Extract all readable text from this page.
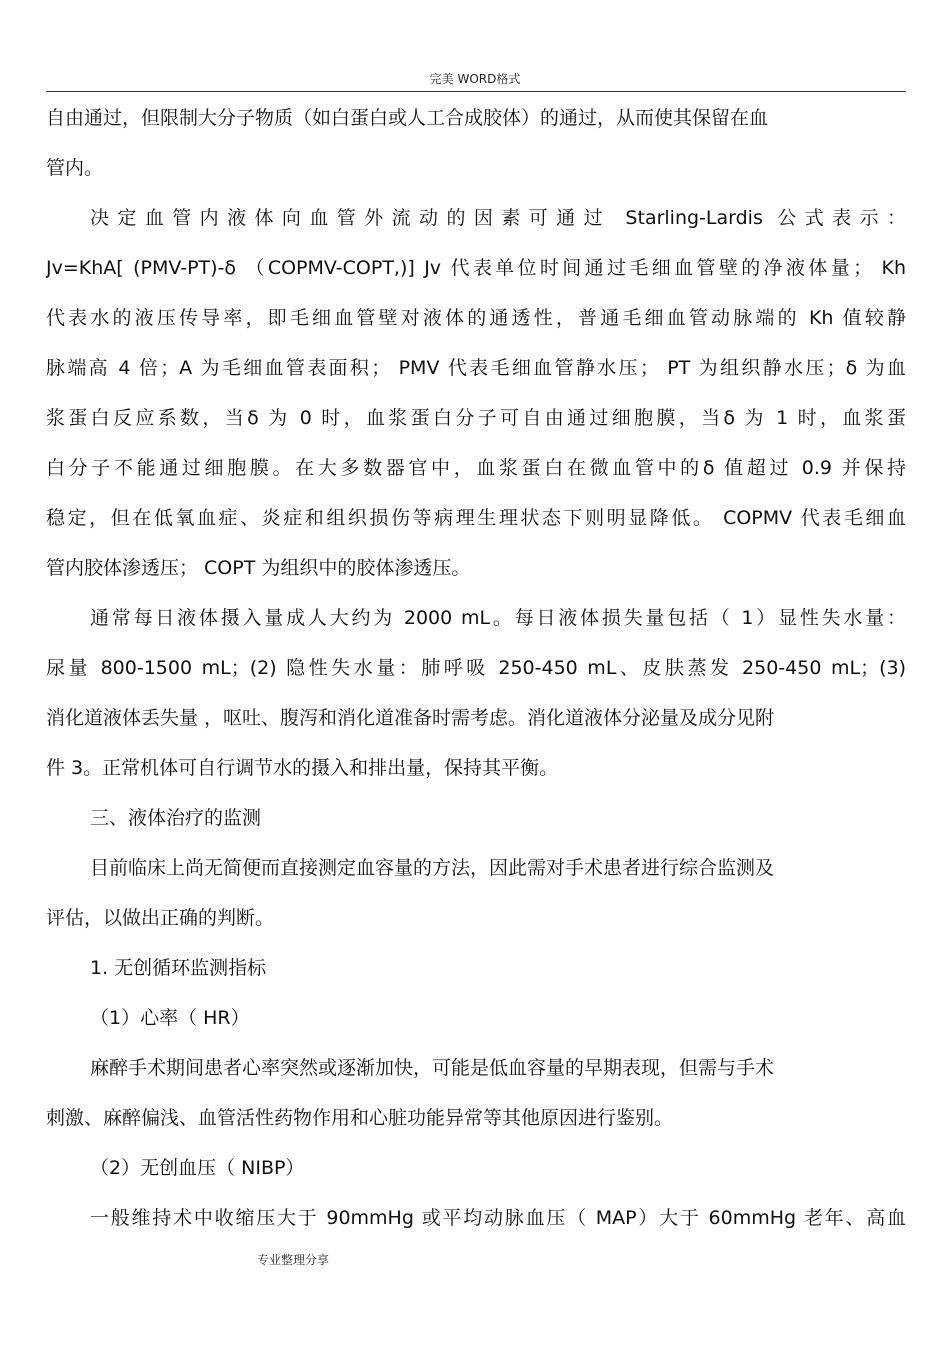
完美 WORD格式
自由通过，但限制大分子物质（如白蛋白或人工合成胶体）的通过，从而使其保留在血
管内。
决定血管内液体向血管外流动的因素可通过 Starling-Lardis 公式表示：
Jv=KhA[ (PMV-PT)-δ （COPMV-COPT,)] Jv 代表单位时间通过毛细血管壁的净液体量； Kh
代表水的液压传导率，即毛细血管壁对液体的通透性，普通毛细血管动脉端的 Kh 值较静
脉端高 4 倍；A 为毛细血管表面积； PMV 代表毛细血管静水压； PT 为组织静水压；δ 为血
浆蛋白反应系数，当δ 为 0 时，血浆蛋白分子可自由通过细胞膜，当δ 为 1 时，血浆蛋
白分子不能通过细胞膜。在大多数器官中，血浆蛋白在微血管中的δ 值超过 0.9 并保持
稳定，但在低氧血症、炎症和组织损伤等病理生理状态下则明显降低。 COPMV 代表毛细血
管内胶体渗透压； COPT 为组织中的胶体渗透压。
通常每日液体摄入量成人大约为 2000 mL。每日液体损失量包括（ 1）显性失水量：
尿量 800-1500 mL；(2) 隐性失水量：肺呼吸 250-450 mL、皮肤蒸发 250-450 mL；(3)
消化道液体丢失量 ，呕吐、腹泻和消化道准备时需考虑。消化道液体分泌量及成分见附
件 3。正常机体可自行调节水的摄入和排出量，保持其平衡。
三、液体治疗的监测
目前临床上尚无简便而直接测定血容量的方法，因此需对手术患者进行综合监测及
评估，以做出正确的判断。
1. 无创循环监测指标
（1）心率（ HR）
麻醉手术期间患者心率突然或逐渐加快，可能是低血容量的早期表现，但需与手术
刺激、麻醉偏浅、血管活性药物作用和心脏功能异常等其他原因进行鉴别。
（2）无创血压（ NIBP）
一般维持术中收缩压大于 90mmHg 或平均动脉血压（ MAP）大于 60mmHg 老年、高血
专业整理分享
